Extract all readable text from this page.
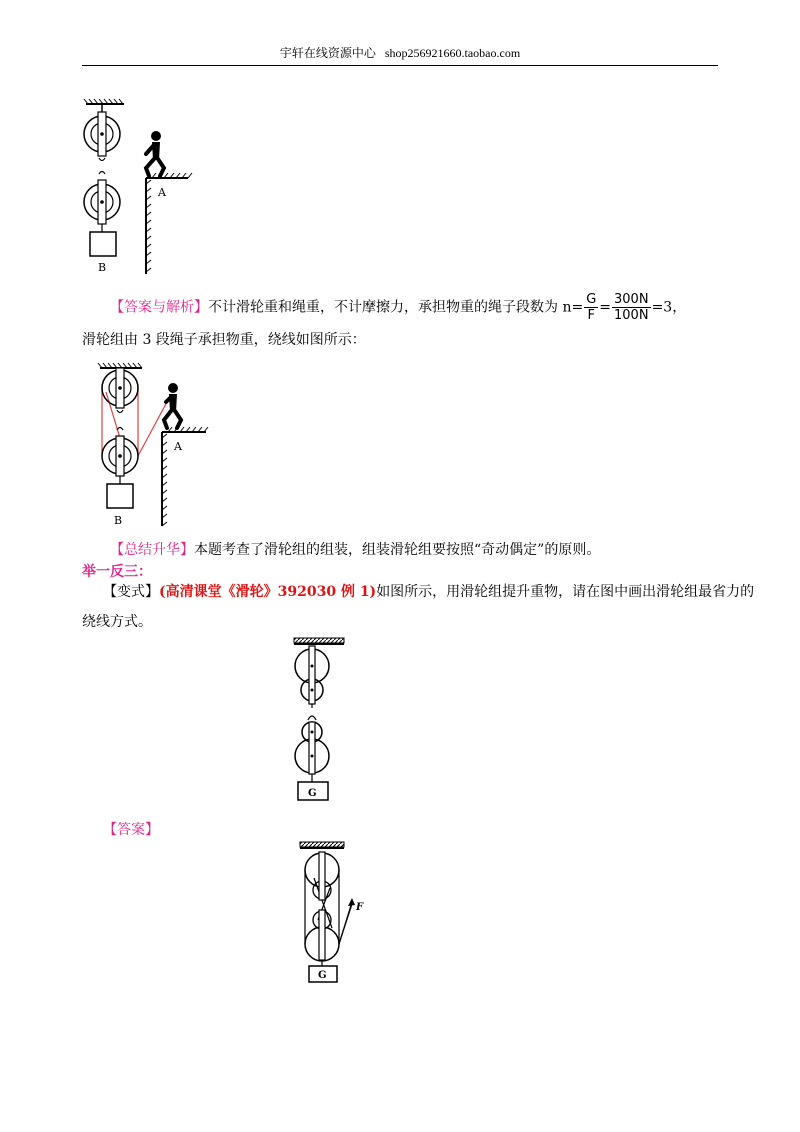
宇轩在线资源中心 shop256921660.taobao.com
B
A
【答案与解析】不计滑轮重和绳重，不计摩擦力，承担物重的绳子段数为 $n= \frac{G}{F} = \frac{300N}{100N} =3$，
滑轮组由 3 段绳子承担物重，绕线如图所示：
B
A
【总结升华】本题考查了滑轮组的组装，组装滑轮组要按照“奇动偶定”的原则。
举一反三：
【变式】(高清课堂《滑轮》392030 例 1)如图所示，用滑轮组提升重物，请在图中画出滑轮组最省力的
绕线方式。
G
【答案】
F
G
